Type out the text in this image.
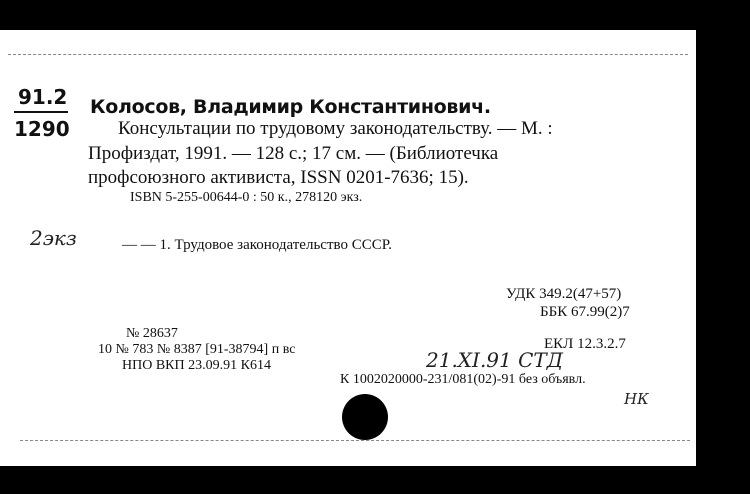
91.2
1290
Колосов, Владимир Константинович.
Консультации по трудовому законодательству. — М. :
Профиздат, 1991. — 128 с.; 17 см. — (Библиотечка
профсоюзного активиста, ISSN 0201-7636; 15).
ISBN 5-255-00644-0 : 50 к., 278120 экз.
2экз	— — 1. Трудовое законодательство СССР.
УДК 349.2(47+57)
ББК 67.99(2)7
№ 28637
10 № 783 № 8387 [91-38794] п вс
НПО ВКП 23.09.91 К614
ЕКЛ 12.3.2.7
21.XI.91 СТД
К 1002020000-231/081(02)-91 без объявл.
НК
